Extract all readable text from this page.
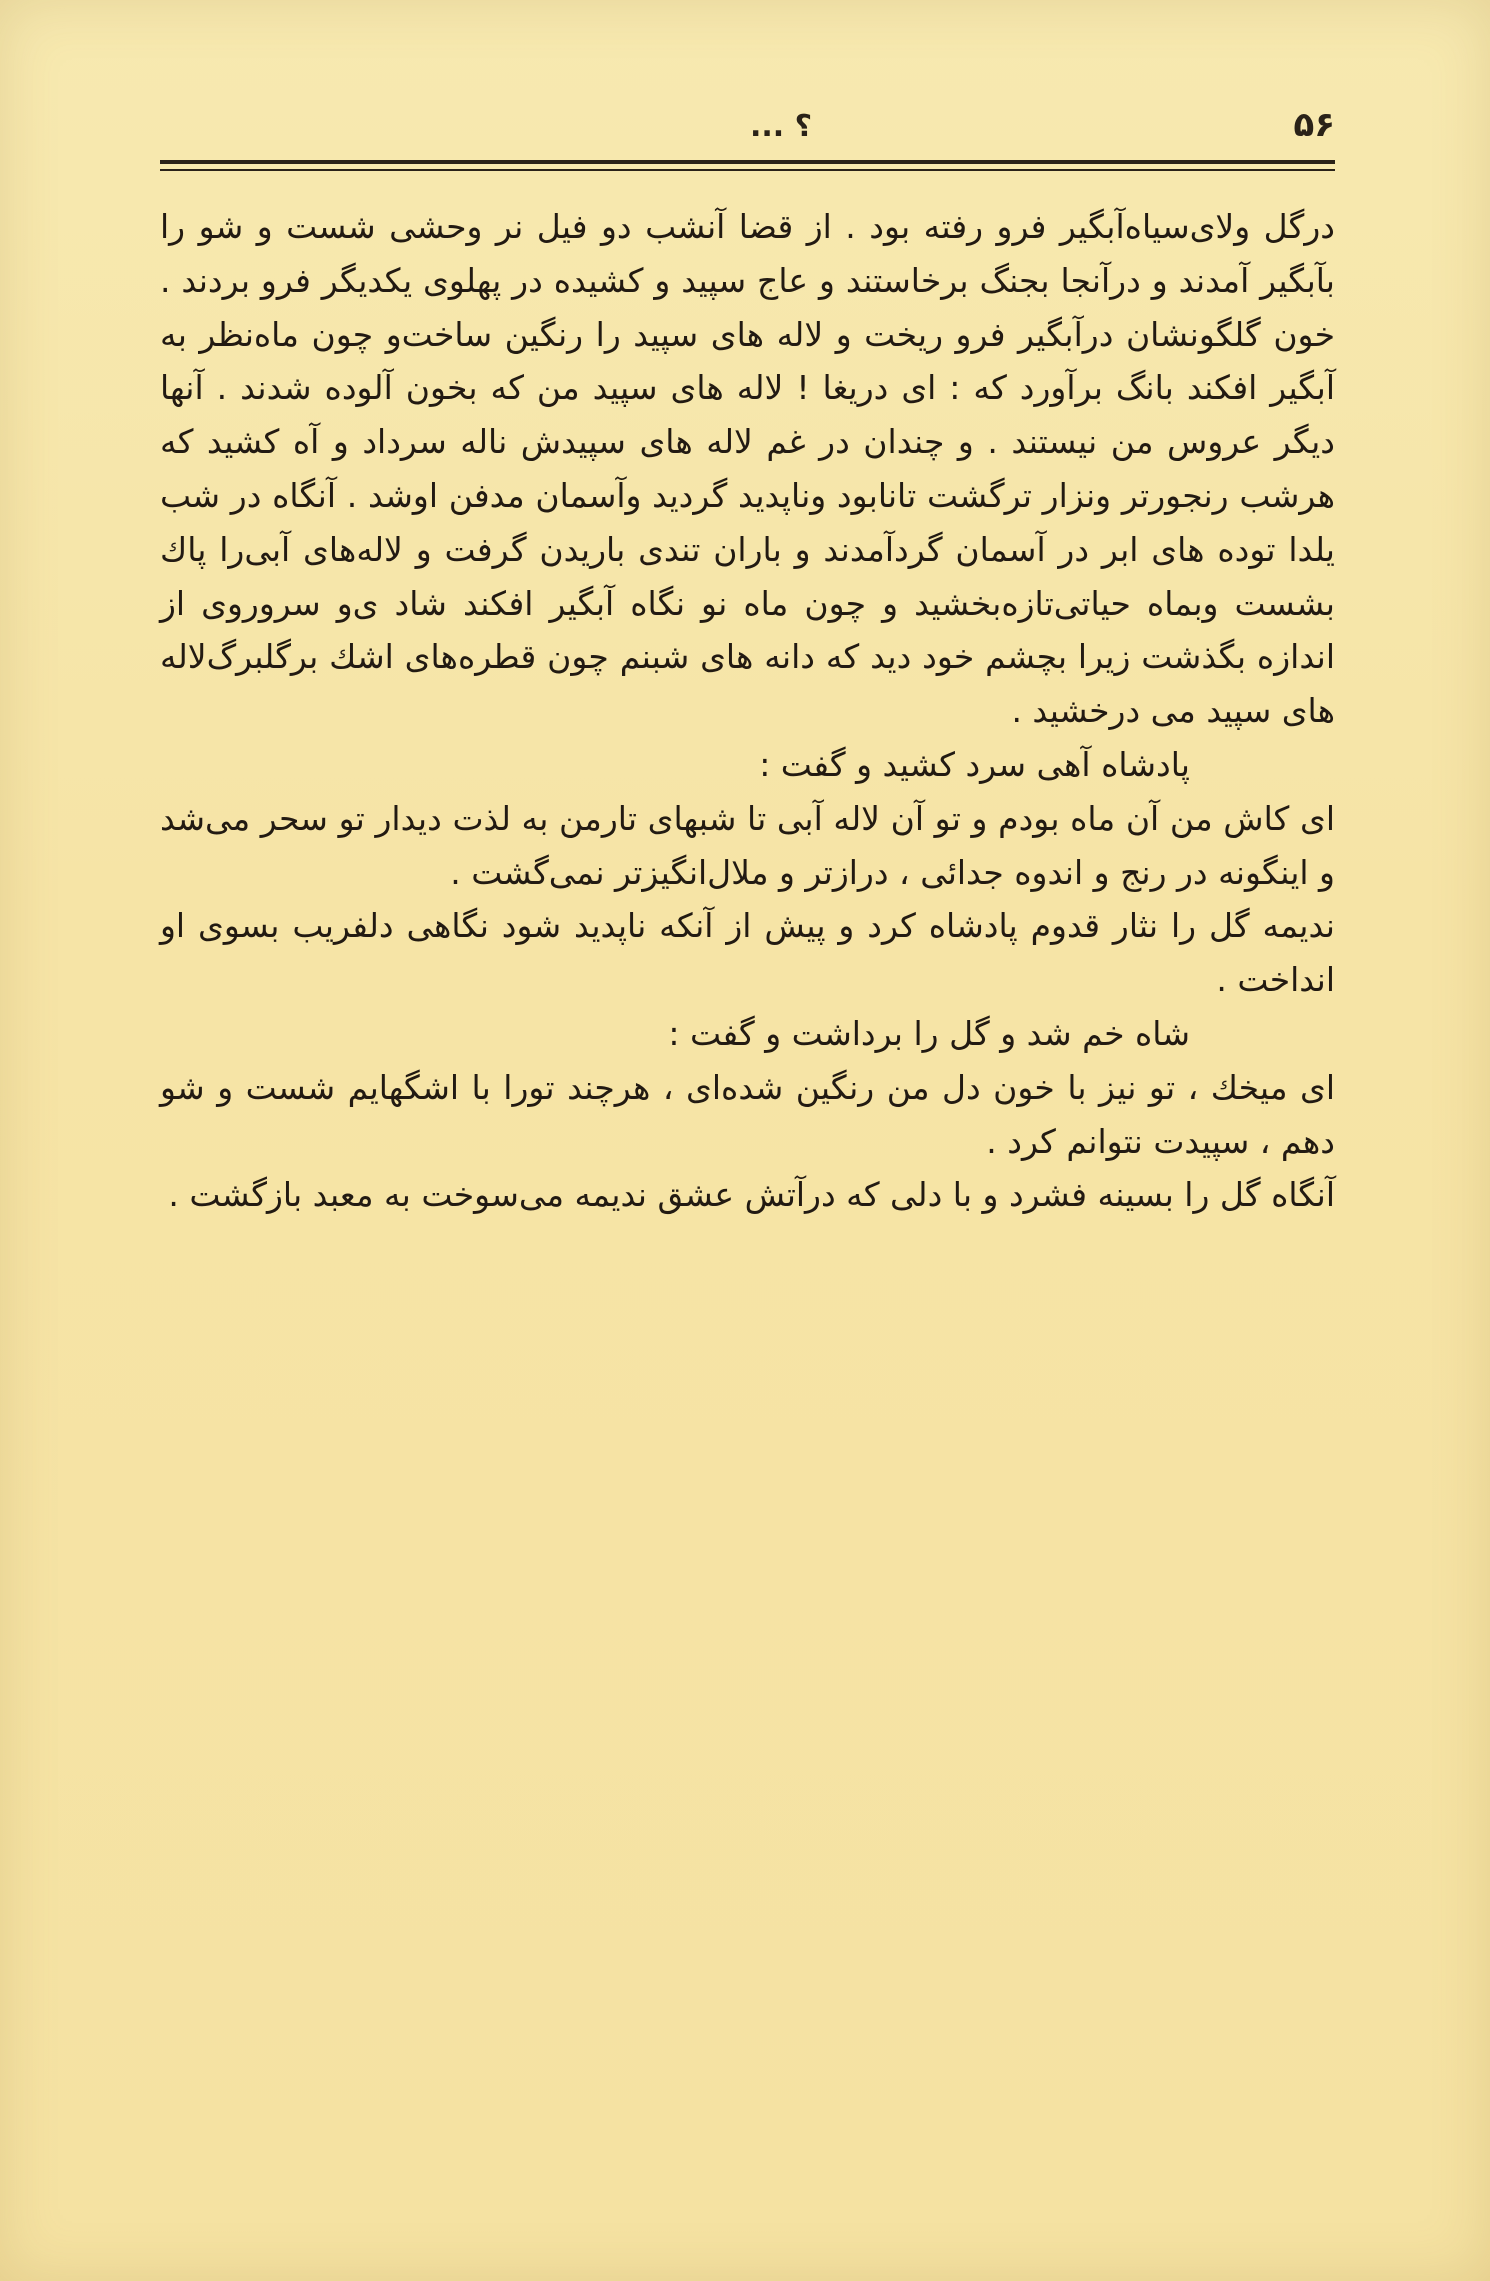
۵۶
؟ ...

درگل ولای‌سیاه‌آبگیر فرو رفته بود . از قضا آنشب دو فیل نر وحشی شست و شو را بآبگیر آمدند و درآنجا بجنگ برخاستند و عاج سپید و کشیده در پهلوی یکدیگر فرو بردند . خون گلگونشان درآبگیر فرو ریخت و لاله های سپید را رنگین ساخت‌و چون ماه‌نظر به آبگیر افکند بانگ برآورد که : ای دریغا ! لاله های سپید من که بخون آلوده شدند . آنها دیگر عروس من نیستند . و چندان در غم لاله های سپیدش ناله سرداد و آه کشید که هرشب رنجورتر ونزار ترگشت تانابود وناپدید گردید وآسمان مدفن اوشد . آنگاه در شب یلدا توده های ابر در آسمان گردآمدند و باران تندی باریدن گرفت و لاله‌های آبی‌را پاك بشست وبماه حیاتی‌تازه‌بخشید و چون ماه نو نگاه آبگیر افکند شاد ی‌و سروروی از اندازه بگذشت زیرا بچشم خود دید که دانه های شبنم چون قطره‌های اشك برگلبرگ‌لاله های سپید می درخشید .

پادشاه آهی سرد کشید و گفت :

ای کاش من آن ماه بودم و تو آن لاله آبی تا شبهای تارمن به لذت دیدار تو سحر می‌شد و اینگونه در رنج و اندوه جدائی ، درازتر و ملال‌انگیزتر نمی‌گشت .

ندیمه گل را نثار قدوم پادشاه کرد و پیش از آنکه ناپدید شود نگاهی دلفریب بسوی او انداخت .

شاه خم شد و گل را برداشت و گفت :

ای میخك ، تو نیز با خون دل من رنگین شده‌ای ، هرچند تورا با اشگهایم شست و شو دهم ، سپیدت نتوانم کرد .

آنگاه گل را بسینه فشرد و با دلی که درآتش عشق ندیمه می‌سوخت به معبد بازگشت .
